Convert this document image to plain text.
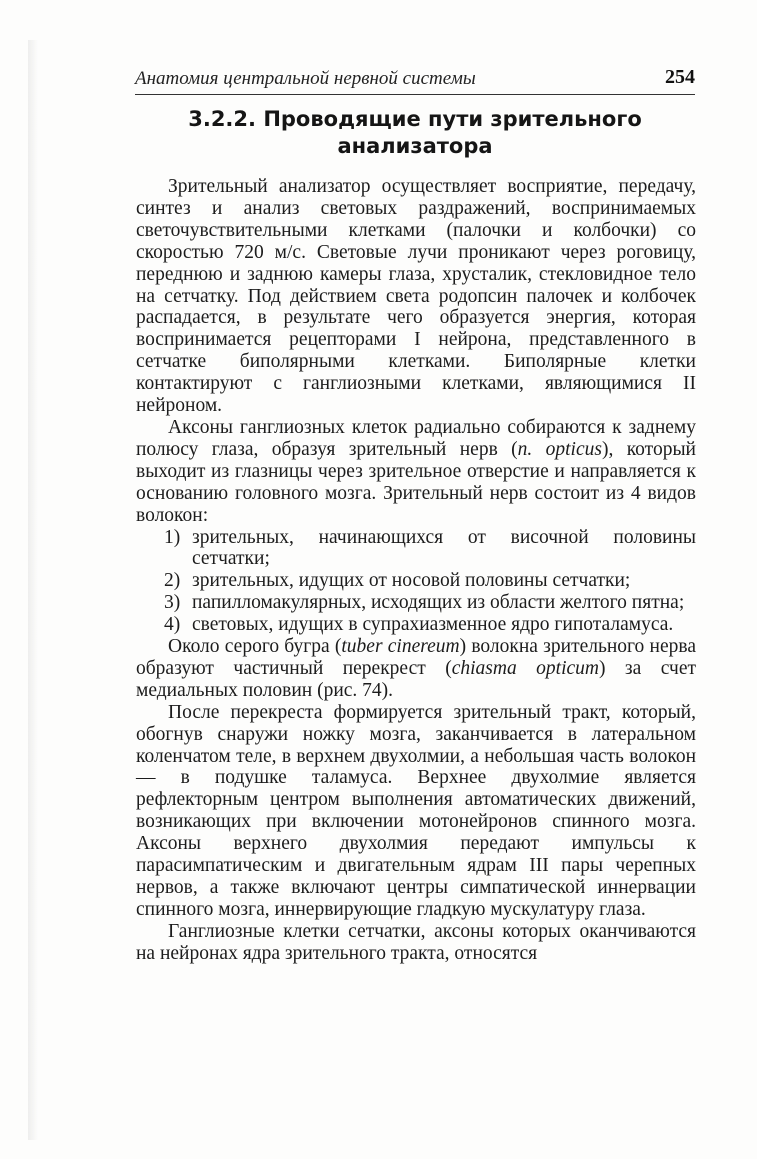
Анатомия центральной нервной системы	254
3.2.2. Проводящие пути зрительного
анализатора

Зрительный анализатор осуществляет восприятие, передачу, синтез и анализ световых раздражений, воспринимаемых светочувствительными клетками (палочки и колбочки) со скоростью 720 м/с. Световые лучи проникают через роговицу, переднюю и заднюю камеры глаза, хрусталик, стекловидное тело на сетчатку. Под действием света родопсин палочек и колбочек распадается, в результате чего образуется энергия, которая воспринимается рецепторами I нейрона, представленного в сетчатке биполярными клетками. Биполярные клетки контактируют с ганглиозными клетками, являющимися II нейроном.

Аксоны ганглиозных клеток радиально собираются к заднему полюсу глаза, образуя зрительный нерв (n. opticus), который выходит из глазницы через зрительное отверстие и направляется к основанию головного мозга. Зрительный нерв состоит из 4 видов волокон:

1) зрительных, начинающихся от височной половины сетчатки;
2) зрительных, идущих от носовой половины сетчатки;
3) папилломакулярных, исходящих из области желтого пятна;
4) световых, идущих в супрахиазменное ядро гипоталамуса.

Около серого бугра (tuber cinereum) волокна зрительного нерва образуют частичный перекрест (chiasma opticum) за счет медиальных половин (рис. 74).

После перекреста формируется зрительный тракт, который, обогнув снаружи ножку мозга, заканчивается в латеральном коленчатом теле, в верхнем двухолмии, а небольшая часть волокон — в подушке таламуса. Верхнее двухолмие является рефлекторным центром выполнения автоматических движений, возникающих при включении мотонейронов спинного мозга. Аксоны верхнего двухолмия передают импульсы к парасимпатическим и двигательным ядрам III пары черепных нервов, а также включают центры симпатической иннервации спинного мозга, иннервирующие гладкую мускулатуру глаза.

Ганглиозные клетки сетчатки, аксоны которых оканчиваются на нейронах ядра зрительного тракта, относятся
